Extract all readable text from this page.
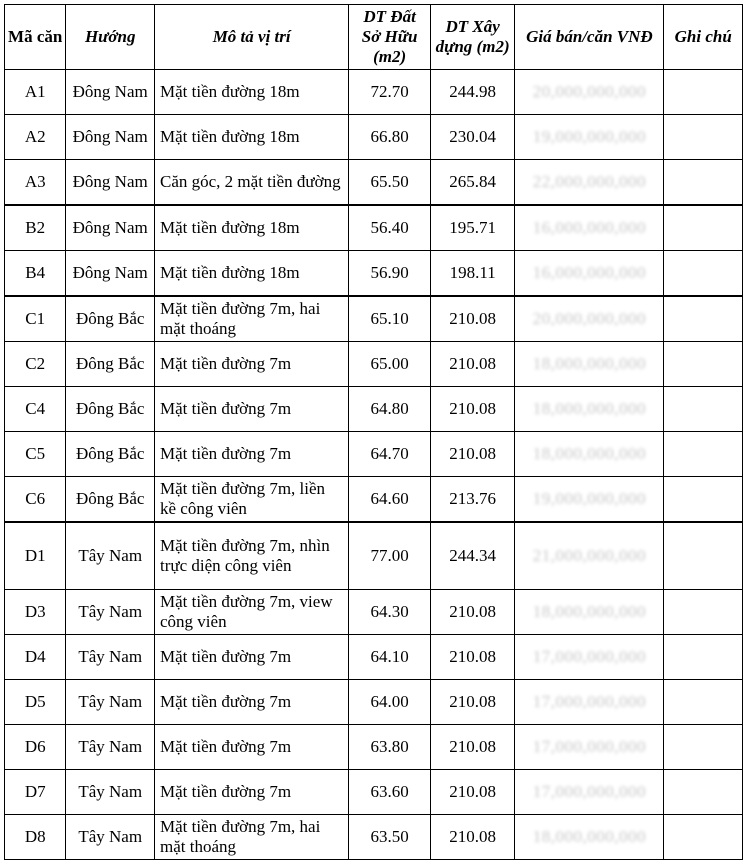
Mã căn	Hướng	Mô tả vị trí	DT Đất Sở Hữu (m2)	DT Xây dựng (m2)	Giá bán/căn VNĐ	Ghi chú
A1	Đông Nam	Mặt tiền đường 18m	72.70	244.98	20,000,000,000	
A2	Đông Nam	Mặt tiền đường 18m	66.80	230.04	19,000,000,000	
A3	Đông Nam	Căn góc, 2 mặt tiền đường	65.50	265.84	22,000,000,000	
B2	Đông Nam	Mặt tiền đường 18m	56.40	195.71	16,000,000,000	
B4	Đông Nam	Mặt tiền đường 18m	56.90	198.11	16,000,000,000	
C1	Đông Bắc	Mặt tiền đường 7m, hai mặt thoáng	65.10	210.08	20,000,000,000	
C2	Đông Bắc	Mặt tiền đường 7m	65.00	210.08	18,000,000,000	
C4	Đông Bắc	Mặt tiền đường 7m	64.80	210.08	18,000,000,000	
C5	Đông Bắc	Mặt tiền đường 7m	64.70	210.08	18,000,000,000	
C6	Đông Bắc	Mặt tiền đường 7m, liền kề công viên	64.60	213.76	19,000,000,000	
D1	Tây Nam	Mặt tiền đường 7m, nhìn trực diện công viên	77.00	244.34	21,000,000,000	
D3	Tây Nam	Mặt tiền đường 7m, view công viên	64.30	210.08	18,000,000,000	
D4	Tây Nam	Mặt tiền đường 7m	64.10	210.08	17,000,000,000	
D5	Tây Nam	Mặt tiền đường 7m	64.00	210.08	17,000,000,000	
D6	Tây Nam	Mặt tiền đường 7m	63.80	210.08	17,000,000,000	
D7	Tây Nam	Mặt tiền đường 7m	63.60	210.08	17,000,000,000	
D8	Tây Nam	Mặt tiền đường 7m, hai mặt thoáng	63.50	210.08	18,000,000,000	
